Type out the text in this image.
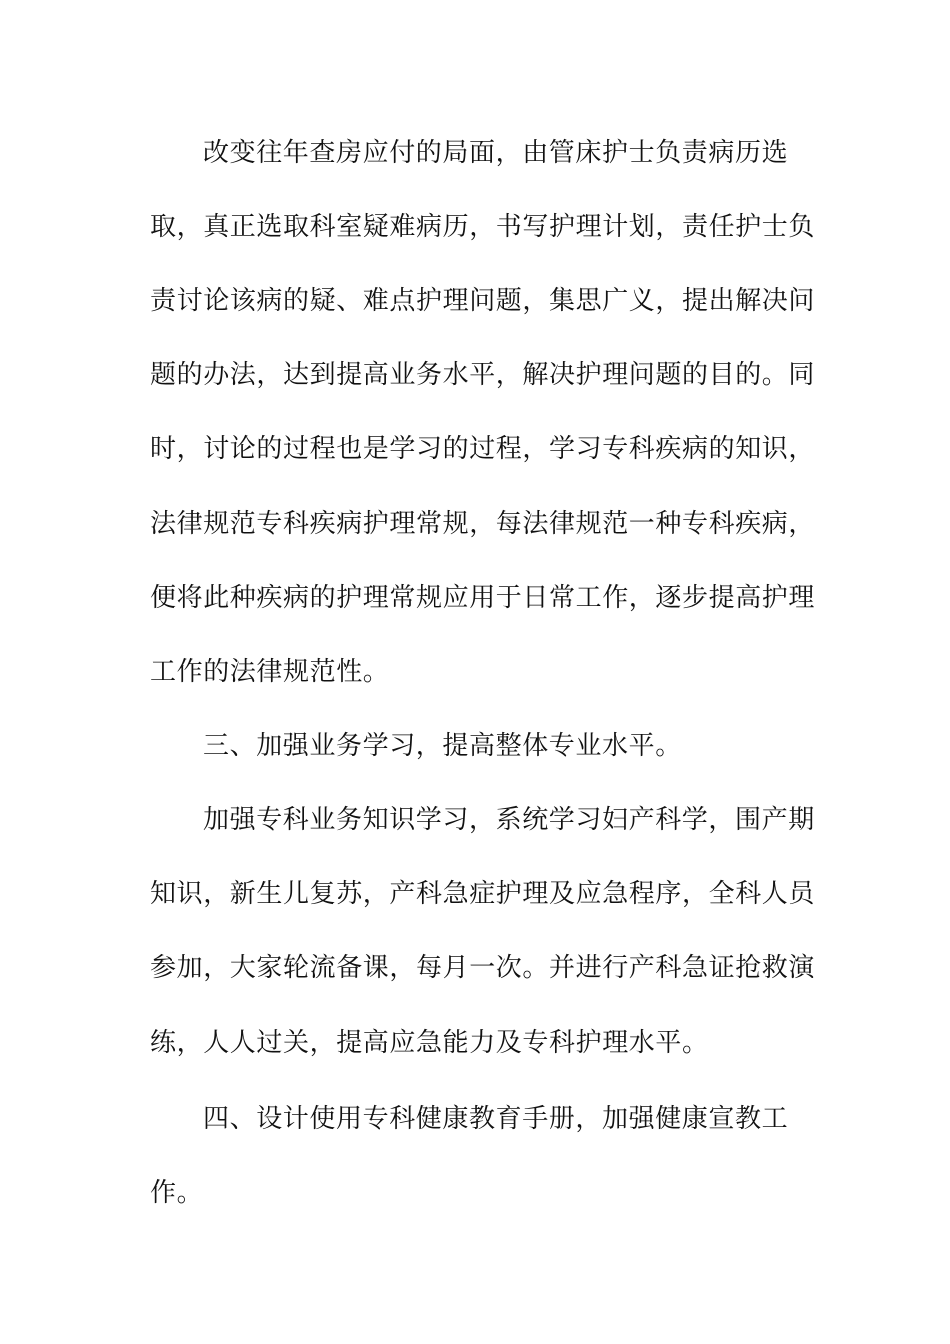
改变往年查房应付的局面，由管床护士负责病历选
取，真正选取科室疑难病历，书写护理计划，责任护士负
责讨论该病的疑、难点护理问题，集思广义，提出解决问
题的办法，达到提高业务水平，解决护理问题的目的。同
时，讨论的过程也是学习的过程，学习专科疾病的知识，
法律规范专科疾病护理常规，每法律规范一种专科疾病，
便将此种疾病的护理常规应用于日常工作，逐步提高护理
工作的法律规范性。
三、加强业务学习，提高整体专业水平。
加强专科业务知识学习，系统学习妇产科学，围产期
知识，新生儿复苏，产科急症护理及应急程序，全科人员
参加，大家轮流备课，每月一次。并进行产科急证抢救演
练，人人过关，提高应急能力及专科护理水平。
四、设计使用专科健康教育手册，加强健康宣教工
作。
